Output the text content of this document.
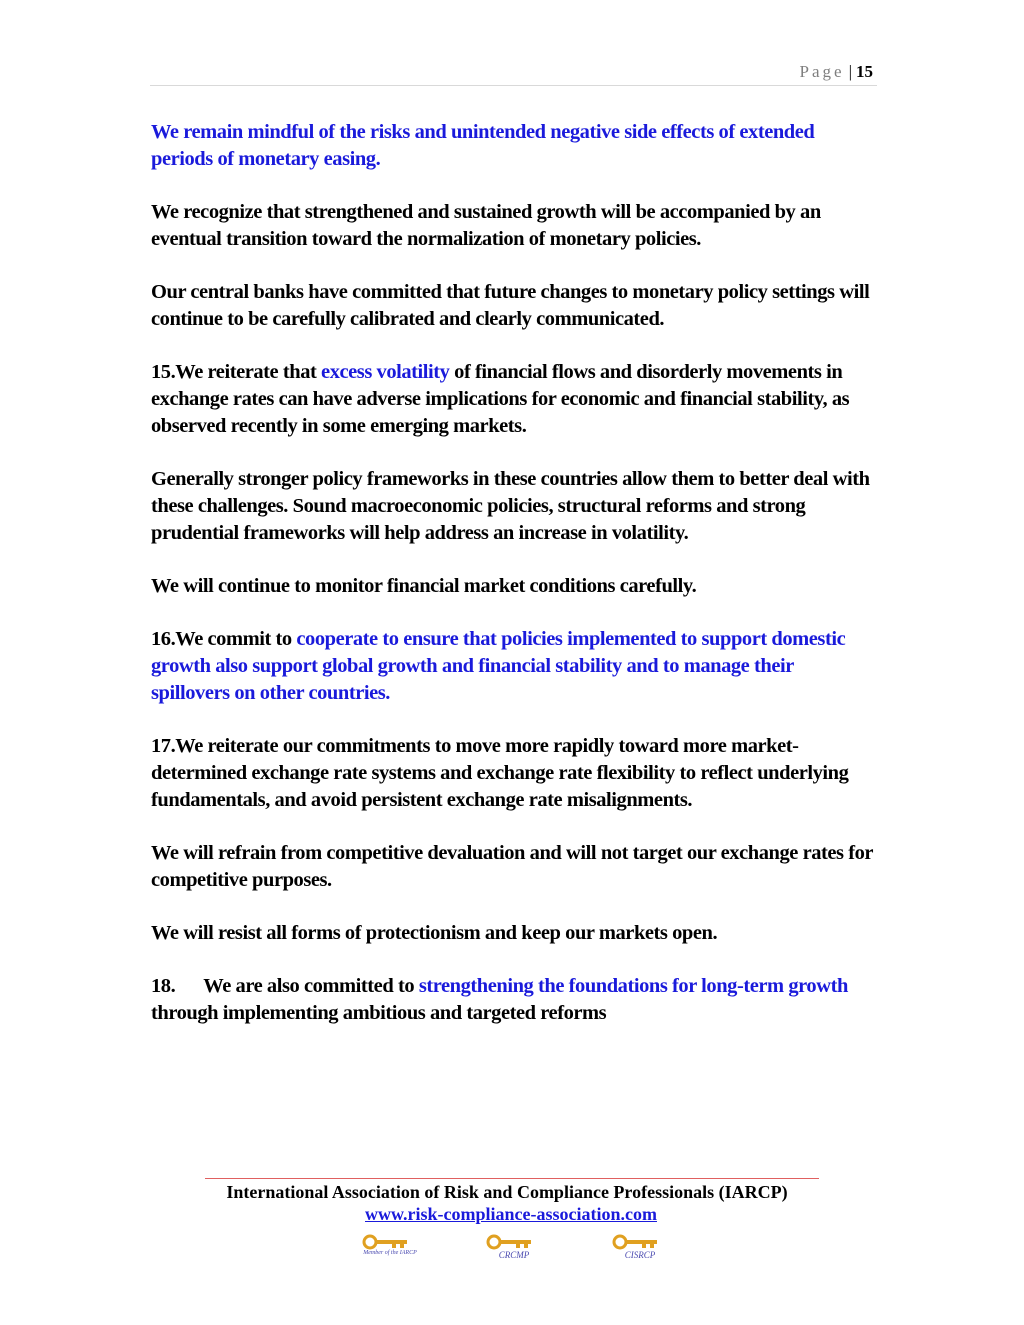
Page | 15

We remain mindful of the risks and unintended negative side effects of extended periods of monetary easing.

We recognize that strengthened and sustained growth will be accompanied by an eventual transition toward the normalization of monetary policies.

Our central banks have committed that future changes to monetary policy settings will continue to be carefully calibrated and clearly communicated.

15.We reiterate that excess volatility of financial flows and disorderly movements in exchange rates can have adverse implications for economic and financial stability, as observed recently in some emerging markets.

Generally stronger policy frameworks in these countries allow them to better deal with these challenges. Sound macroeconomic policies, structural reforms and strong prudential frameworks will help address an increase in volatility.

We will continue to monitor financial market conditions carefully.

16.We commit to cooperate to ensure that policies implemented to support domestic growth also support global growth and financial stability and to manage their spillovers on other countries.

17.We reiterate our commitments to move more rapidly toward more market- determined exchange rate systems and exchange rate flexibility to reflect underlying fundamentals, and avoid persistent exchange rate misalignments.

We will refrain from competitive devaluation and will not target our exchange rates for competitive purposes.

We will resist all forms of protectionism and keep our markets open.

18. We are also committed to strengthening the foundations for long-term growth through implementing ambitious and targeted reforms

International Association of Risk and Compliance Professionals (IARCP)
www.risk-compliance-association.com
Member of the IARCP	CRCMP	CISRCP
